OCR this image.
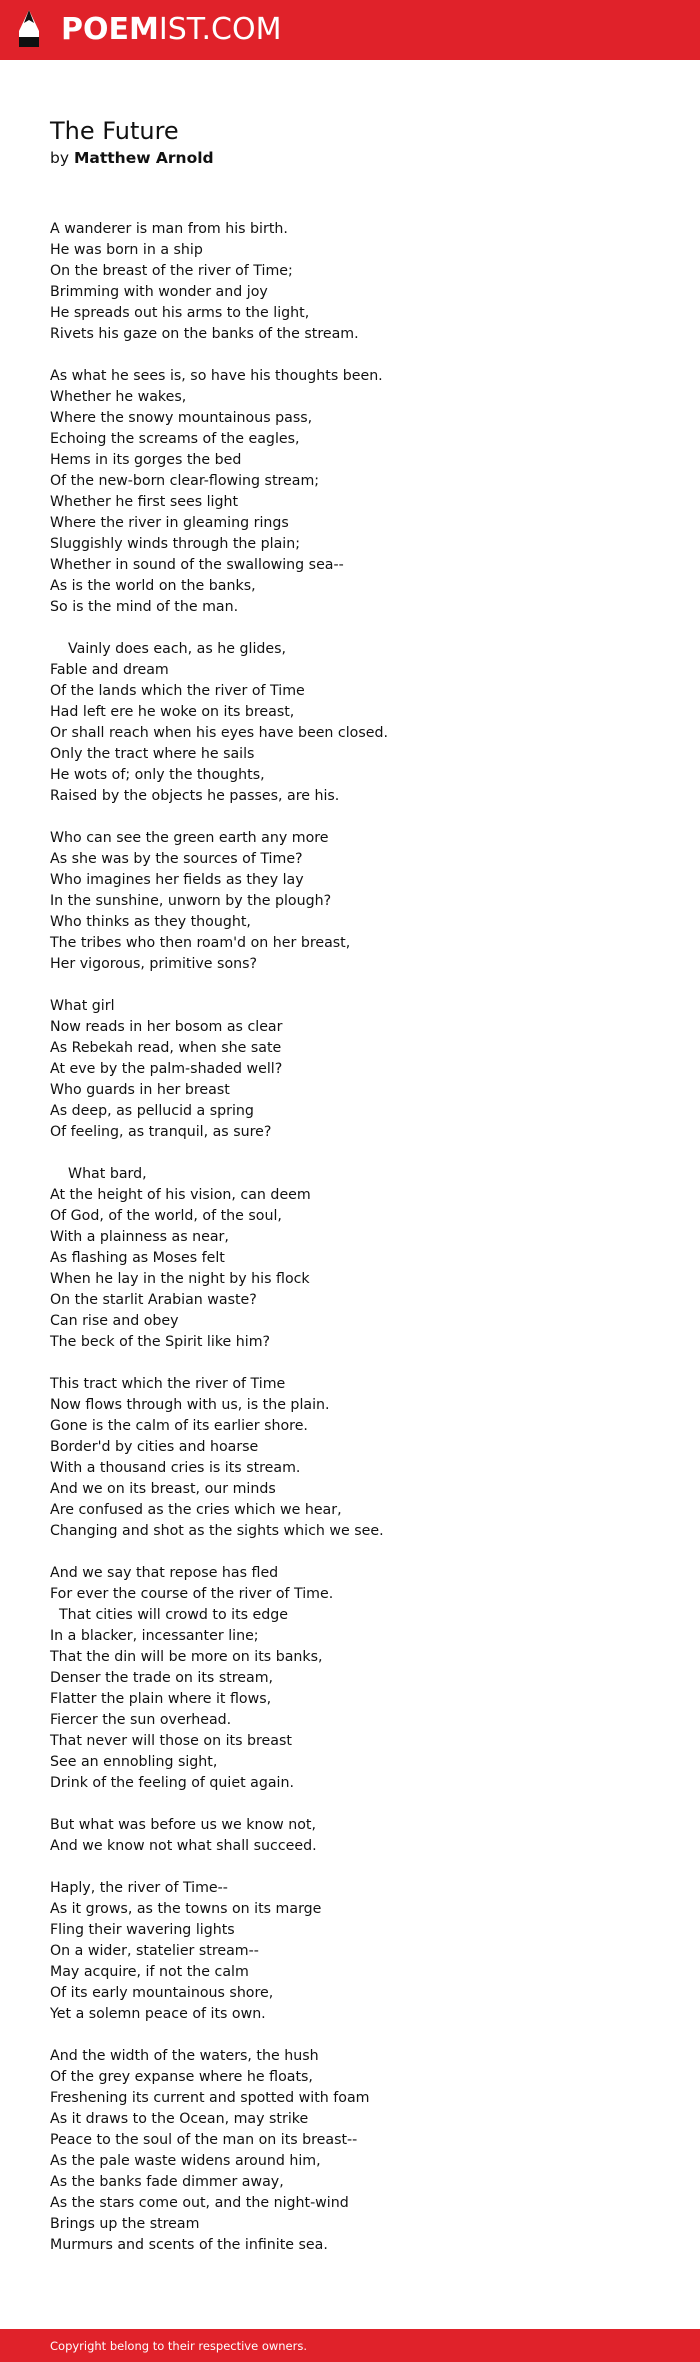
POEMIST.COM
The Future
by Matthew Arnold
A wanderer is man from his birth.
He was born in a ship
On the breast of the river of Time;
Brimming with wonder and joy
He spreads out his arms to the light,
Rivets his gaze on the banks of the stream.
As what he sees is, so have his thoughts been.
Whether he wakes,
Where the snowy mountainous pass,
Echoing the screams of the eagles,
Hems in its gorges the bed
Of the new-born clear-flowing stream;
Whether he first sees light
Where the river in gleaming rings
Sluggishly winds through the plain;
Whether in sound of the swallowing sea--
As is the world on the banks,
So is the mind of the man.
Vainly does each, as he glides,
Fable and dream
Of the lands which the river of Time
Had left ere he woke on its breast,
Or shall reach when his eyes have been closed.
Only the tract where he sails
He wots of; only the thoughts,
Raised by the objects he passes, are his.
Who can see the green earth any more
As she was by the sources of Time?
Who imagines her fields as they lay
In the sunshine, unworn by the plough?
Who thinks as they thought,
The tribes who then roam'd on her breast,
Her vigorous, primitive sons?
What girl
Now reads in her bosom as clear
As Rebekah read, when she sate
At eve by the palm-shaded well?
Who guards in her breast
As deep, as pellucid a spring
Of feeling, as tranquil, as sure?
What bard,
At the height of his vision, can deem
Of God, of the world, of the soul,
With a plainness as near,
As flashing as Moses felt
When he lay in the night by his flock
On the starlit Arabian waste?
Can rise and obey
The beck of the Spirit like him?
This tract which the river of Time
Now flows through with us, is the plain.
Gone is the calm of its earlier shore.
Border'd by cities and hoarse
With a thousand cries is its stream.
And we on its breast, our minds
Are confused as the cries which we hear,
Changing and shot as the sights which we see.
And we say that repose has fled
For ever the course of the river of Time.
That cities will crowd to its edge
In a blacker, incessanter line;
That the din will be more on its banks,
Denser the trade on its stream,
Flatter the plain where it flows,
Fiercer the sun overhead.
That never will those on its breast
See an ennobling sight,
Drink of the feeling of quiet again.
But what was before us we know not,
And we know not what shall succeed.
Haply, the river of Time--
As it grows, as the towns on its marge
Fling their wavering lights
On a wider, statelier stream--
May acquire, if not the calm
Of its early mountainous shore,
Yet a solemn peace of its own.
And the width of the waters, the hush
Of the grey expanse where he floats,
Freshening its current and spotted with foam
As it draws to the Ocean, may strike
Peace to the soul of the man on its breast--
As the pale waste widens around him,
As the banks fade dimmer away,
As the stars come out, and the night-wind
Brings up the stream
Murmurs and scents of the infinite sea.
Copyright belong to their respective owners.
